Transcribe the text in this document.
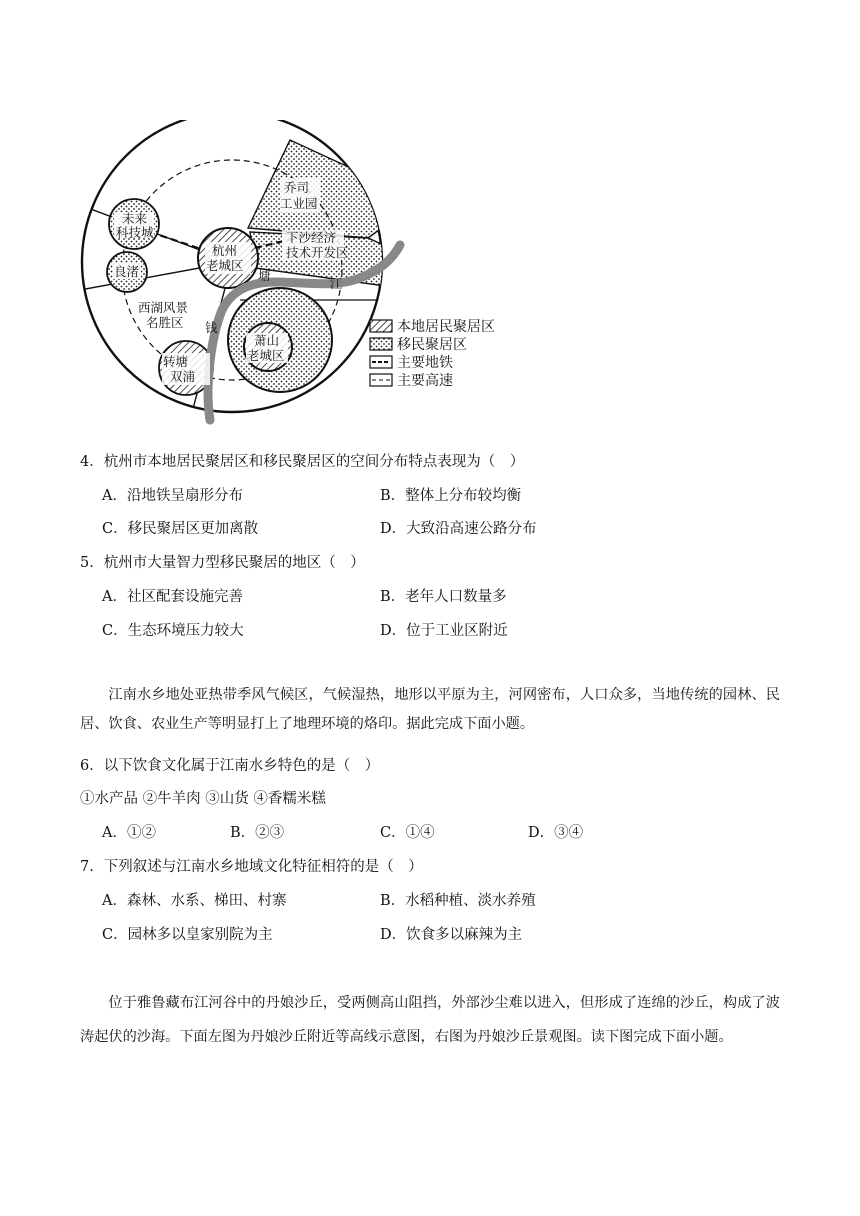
乔司
工业园
下沙经济
技术开发区
未来
科技城
良渚
杭州
老城区
西湖风景
名胜区
萧山
老城区
转塘
双浦
钱
塘
江
本地居民聚居区
移民聚居区
主要地铁
主要高速
4．杭州市本地居民聚居区和移民聚居区的空间分布特点表现为（　）
A．沿地铁呈扇形分布	B．整体上分布较均衡
C．移民聚居区更加离散	D．大致沿高速公路分布
5．杭州市大量智力型移民聚居的地区（　）
A．社区配套设施完善	B．老年人口数量多
C．生态环境压力较大	D．位于工业区附近
江南水乡地处亚热带季风气候区，气候湿热，地形以平原为主，河网密布，人口众多，当地传统的园林、民居、饮食、农业生产等明显打上了地理环境的烙印。据此完成下面小题。
6．以下饮食文化属于江南水乡特色的是（　）
①水产品 ②牛羊肉 ③山货 ④香糯米糕
A．①②	B．②③	C．①④	D．③④
7．下列叙述与江南水乡地域文化特征相符的是（　）
A．森林、水系、梯田、村寨	B．水稻种植、淡水养殖
C．园林多以皇家别院为主	D．饮食多以麻辣为主
位于雅鲁藏布江河谷中的丹娘沙丘，受两侧高山阻挡，外部沙尘难以进入，但形成了连绵的沙丘，构成了波涛起伏的沙海。下面左图为丹娘沙丘附近等高线示意图，右图为丹娘沙丘景观图。读下图完成下面小题。
